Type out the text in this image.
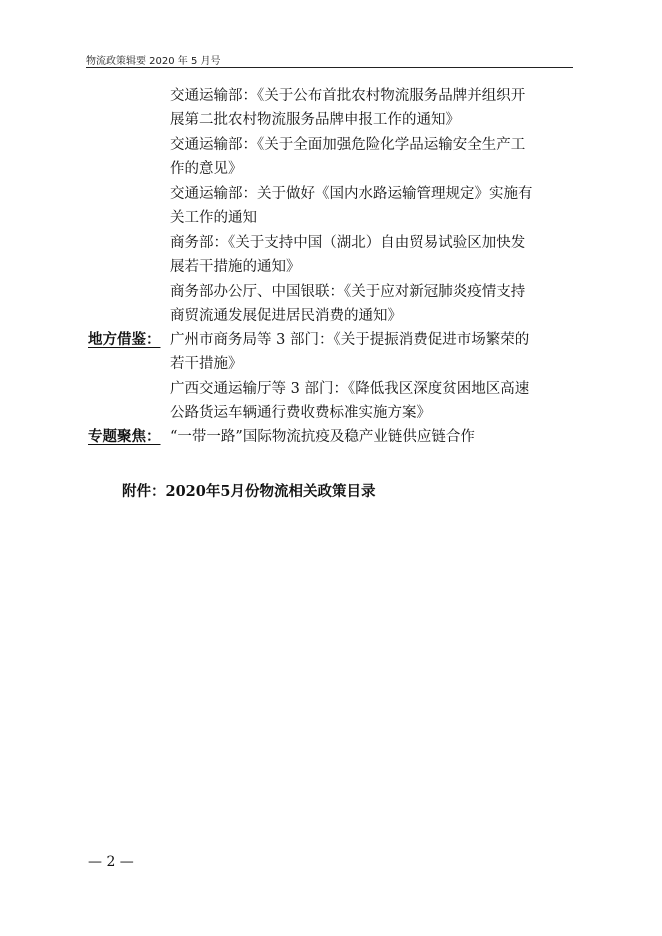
物流政策辑要 2020 年 5 月号
交通运输部：《关于公布首批农村物流服务品牌并组织开
展第二批农村物流服务品牌申报工作的通知》
交通运输部：《关于全面加强危险化学品运输安全生产工
作的意见》
交通运输部：关于做好《国内水路运输管理规定》实施有
关工作的通知
商务部：《关于支持中国（湖北）自由贸易试验区加快发
展若干措施的通知》
商务部办公厅、中国银联：《关于应对新冠肺炎疫情支持
商贸流通发展促进居民消费的通知》
地方借鉴： 广州市商务局等 3 部门：《关于提振消费促进市场繁荣的
若干措施》
广西交通运输厅等 3 部门：《降低我区深度贫困地区高速
公路货运车辆通行费收费标准实施方案》
专题聚焦： “一带一路”国际物流抗疫及稳产业链供应链合作
附件：2020年5月份物流相关政策目录
— 2 —
